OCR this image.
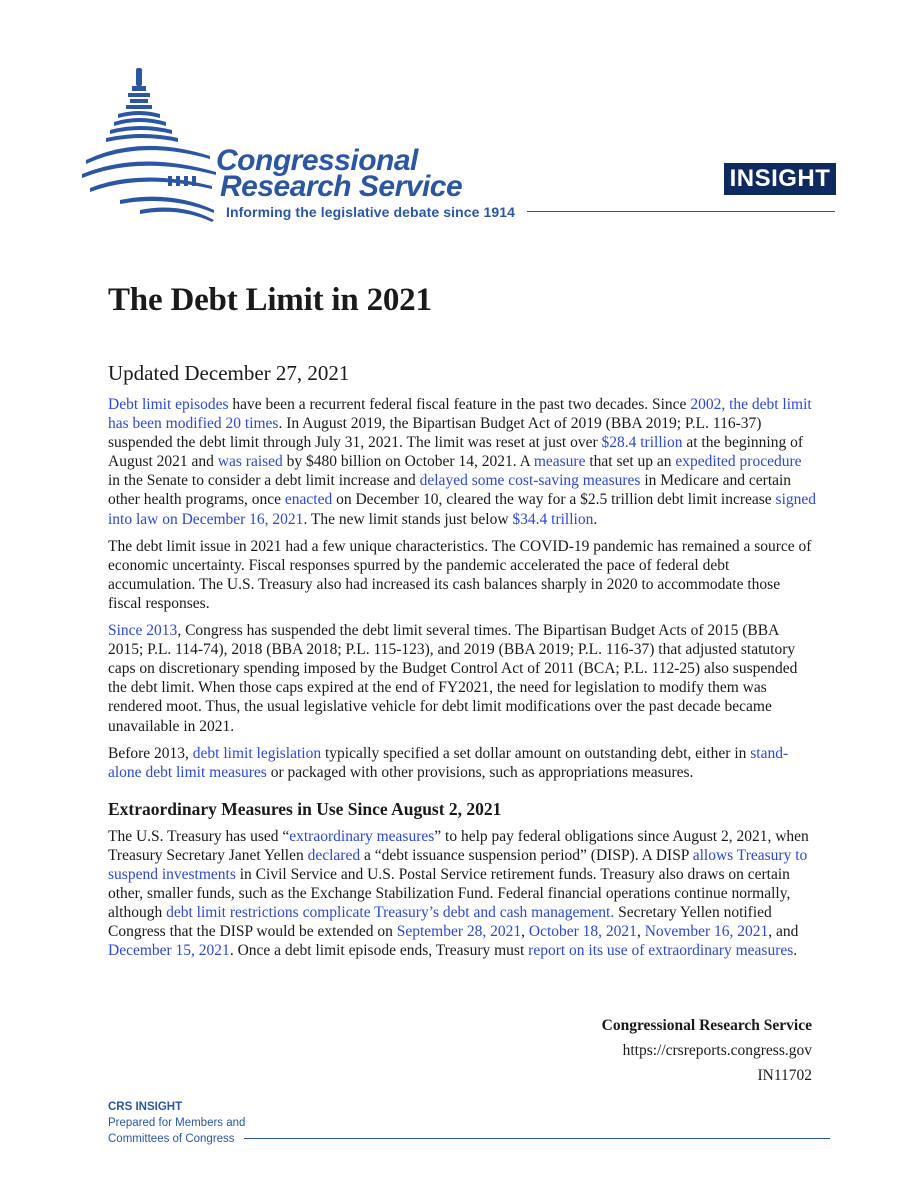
Congressional
Research Service
Informing the legislative debate since 1914
INSIGHT
The Debt Limit in 2021
Updated December 27, 2021

Debt limit episodes have been a recurrent federal fiscal feature in the past two decades. Since 2002, the debt limit has been modified 20 times. In August 2019, the Bipartisan Budget Act of 2019 (BBA 2019; P.L. 116-37) suspended the debt limit through July 31, 2021. The limit was reset at just over $28.4 trillion at the beginning of August 2021 and was raised by $480 billion on October 14, 2021. A measure that set up an expedited procedure in the Senate to consider a debt limit increase and delayed some cost-saving measures in Medicare and certain other health programs, once enacted on December 10, cleared the way for a $2.5 trillion debt limit increase signed into law on December 16, 2021. The new limit stands just below $34.4 trillion.

The debt limit issue in 2021 had a few unique characteristics. The COVID-19 pandemic has remained a source of economic uncertainty. Fiscal responses spurred by the pandemic accelerated the pace of federal debt accumulation. The U.S. Treasury also had increased its cash balances sharply in 2020 to accommodate those fiscal responses.

Since 2013, Congress has suspended the debt limit several times. The Bipartisan Budget Acts of 2015 (BBA 2015; P.L. 114-74), 2018 (BBA 2018; P.L. 115-123), and 2019 (BBA 2019; P.L. 116-37) that adjusted statutory caps on discretionary spending imposed by the Budget Control Act of 2011 (BCA; P.L. 112-25) also suspended the debt limit. When those caps expired at the end of FY2021, the need for legislation to modify them was rendered moot. Thus, the usual legislative vehicle for debt limit modifications over the past decade became unavailable in 2021.

Before 2013, debt limit legislation typically specified a set dollar amount on outstanding debt, either in stand-alone debt limit measures or packaged with other provisions, such as appropriations measures.

Extraordinary Measures in Use Since August 2, 2021

The U.S. Treasury has used “extraordinary measures” to help pay federal obligations since August 2, 2021, when Treasury Secretary Janet Yellen declared a “debt issuance suspension period” (DISP). A DISP allows Treasury to suspend investments in Civil Service and U.S. Postal Service retirement funds. Treasury also draws on certain other, smaller funds, such as the Exchange Stabilization Fund. Federal financial operations continue normally, although debt limit restrictions complicate Treasury’s debt and cash management. Secretary Yellen notified Congress that the DISP would be extended on September 28, 2021, October 18, 2021, November 16, 2021, and December 15, 2021. Once a debt limit episode ends, Treasury must report on its use of extraordinary measures.

Congressional Research Service
https://crsreports.congress.gov
IN11702
CRS INSIGHT
Prepared for Members and
Committees of Congress
